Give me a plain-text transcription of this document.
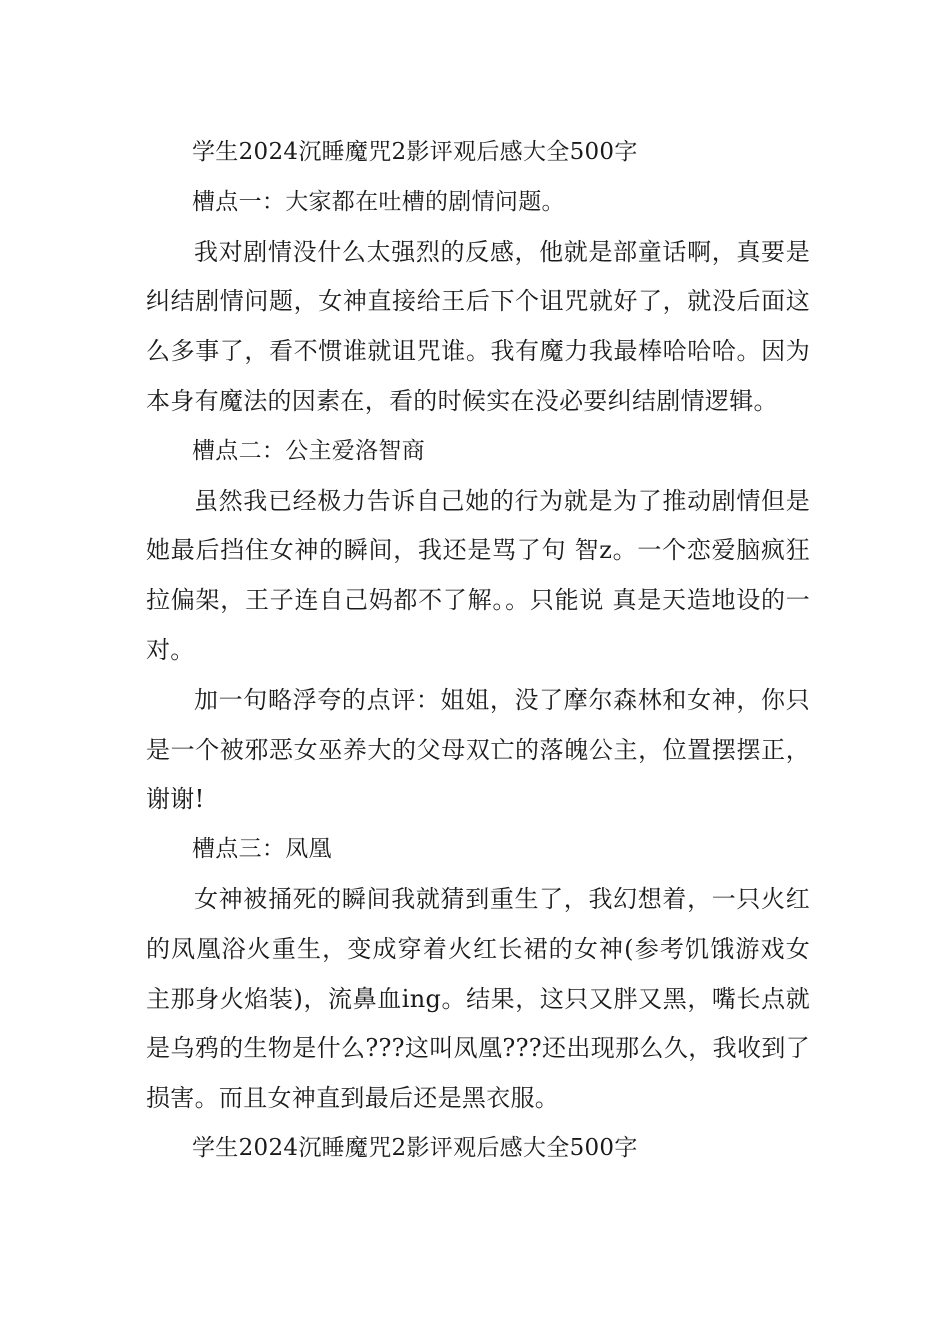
学生2024沉睡魔咒2影评观后感大全500字

槽点一：大家都在吐槽的剧情问题。

我对剧情没什么太强烈的反感，他就是部童话啊，真要是纠结剧情问题，女神直接给王后下个诅咒就好了，就没后面这么多事了，看不惯谁就诅咒谁。我有魔力我最棒哈哈哈。因为本身有魔法的因素在，看的时候实在没必要纠结剧情逻辑。

槽点二：公主爱洛智商

虽然我已经极力告诉自己她的行为就是为了推动剧情但是她最后挡住女神的瞬间，我还是骂了句 智z。一个恋爱脑疯狂拉偏架，王子连自己妈都不了解。。只能说 真是天造地设的一对。

加一句略浮夸的点评：姐姐，没了摩尔森林和女神，你只是一个被邪恶女巫养大的父母双亡的落魄公主，位置摆摆正，谢谢!

槽点三：凤凰

女神被捅死的瞬间我就猜到重生了，我幻想着，一只火红的凤凰浴火重生，变成穿着火红长裙的女神(参考饥饿游戏女主那身火焰装)，流鼻血ing。结果，这只又胖又黑，嘴长点就是乌鸦的生物是什么???这叫凤凰???还出现那么久，我收到了损害。而且女神直到最后还是黑衣服。

学生2024沉睡魔咒2影评观后感大全500字
